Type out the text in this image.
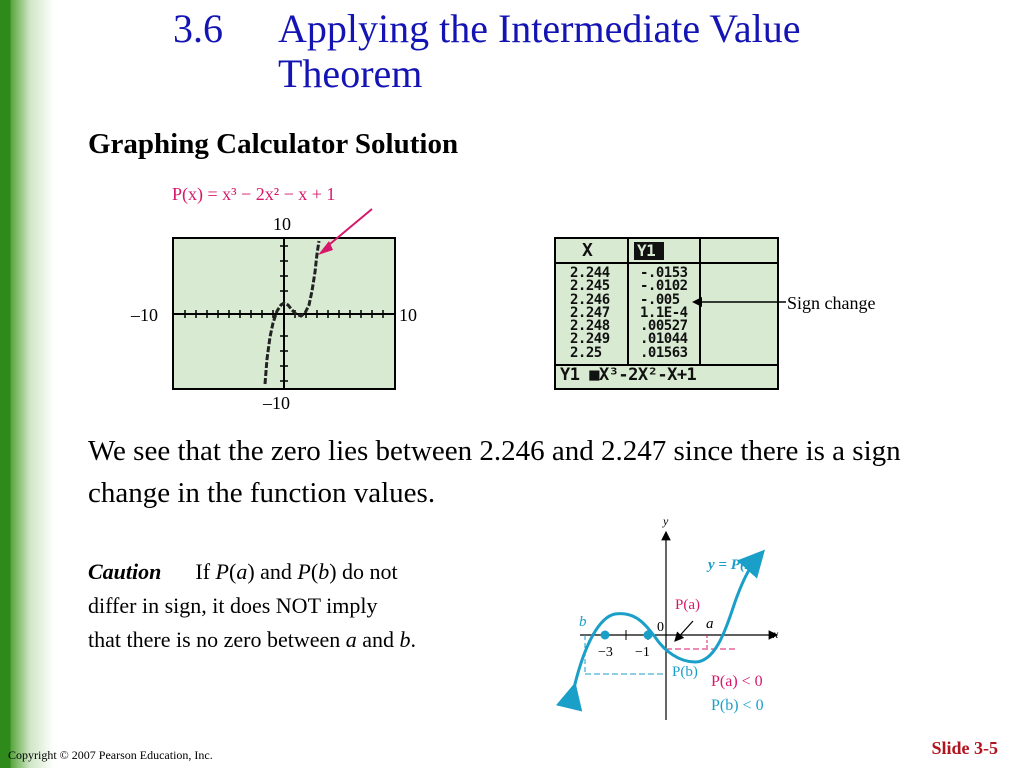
3.6 Applying the Intermediate Value Theorem
Graphing Calculator Solution
P(x) = x³ − 2x² − x + 1
10
–10
–10	10
X	Y1
2.244 -.0153
2.245 -.0102
2.246 -.005
2.247 1.1E-4
2.248 .00527
2.249 .01044
2.25	.01563
Y1 ■X³-2X²-X+1
Sign change
We see that the zero lies between 2.246 and 2.247 since there is a sign change in the function values.
Caution If P(a) and P(b) do not
differ in sign, it does NOT imply
that there is no zero between a and b.
y
x
y = P(x)
P(a)
b	a
0
−3 −1
P(b)
P(a) < 0
P(b) < 0
Copyright © 2007 Pearson Education, Inc.	Slide 3-5
